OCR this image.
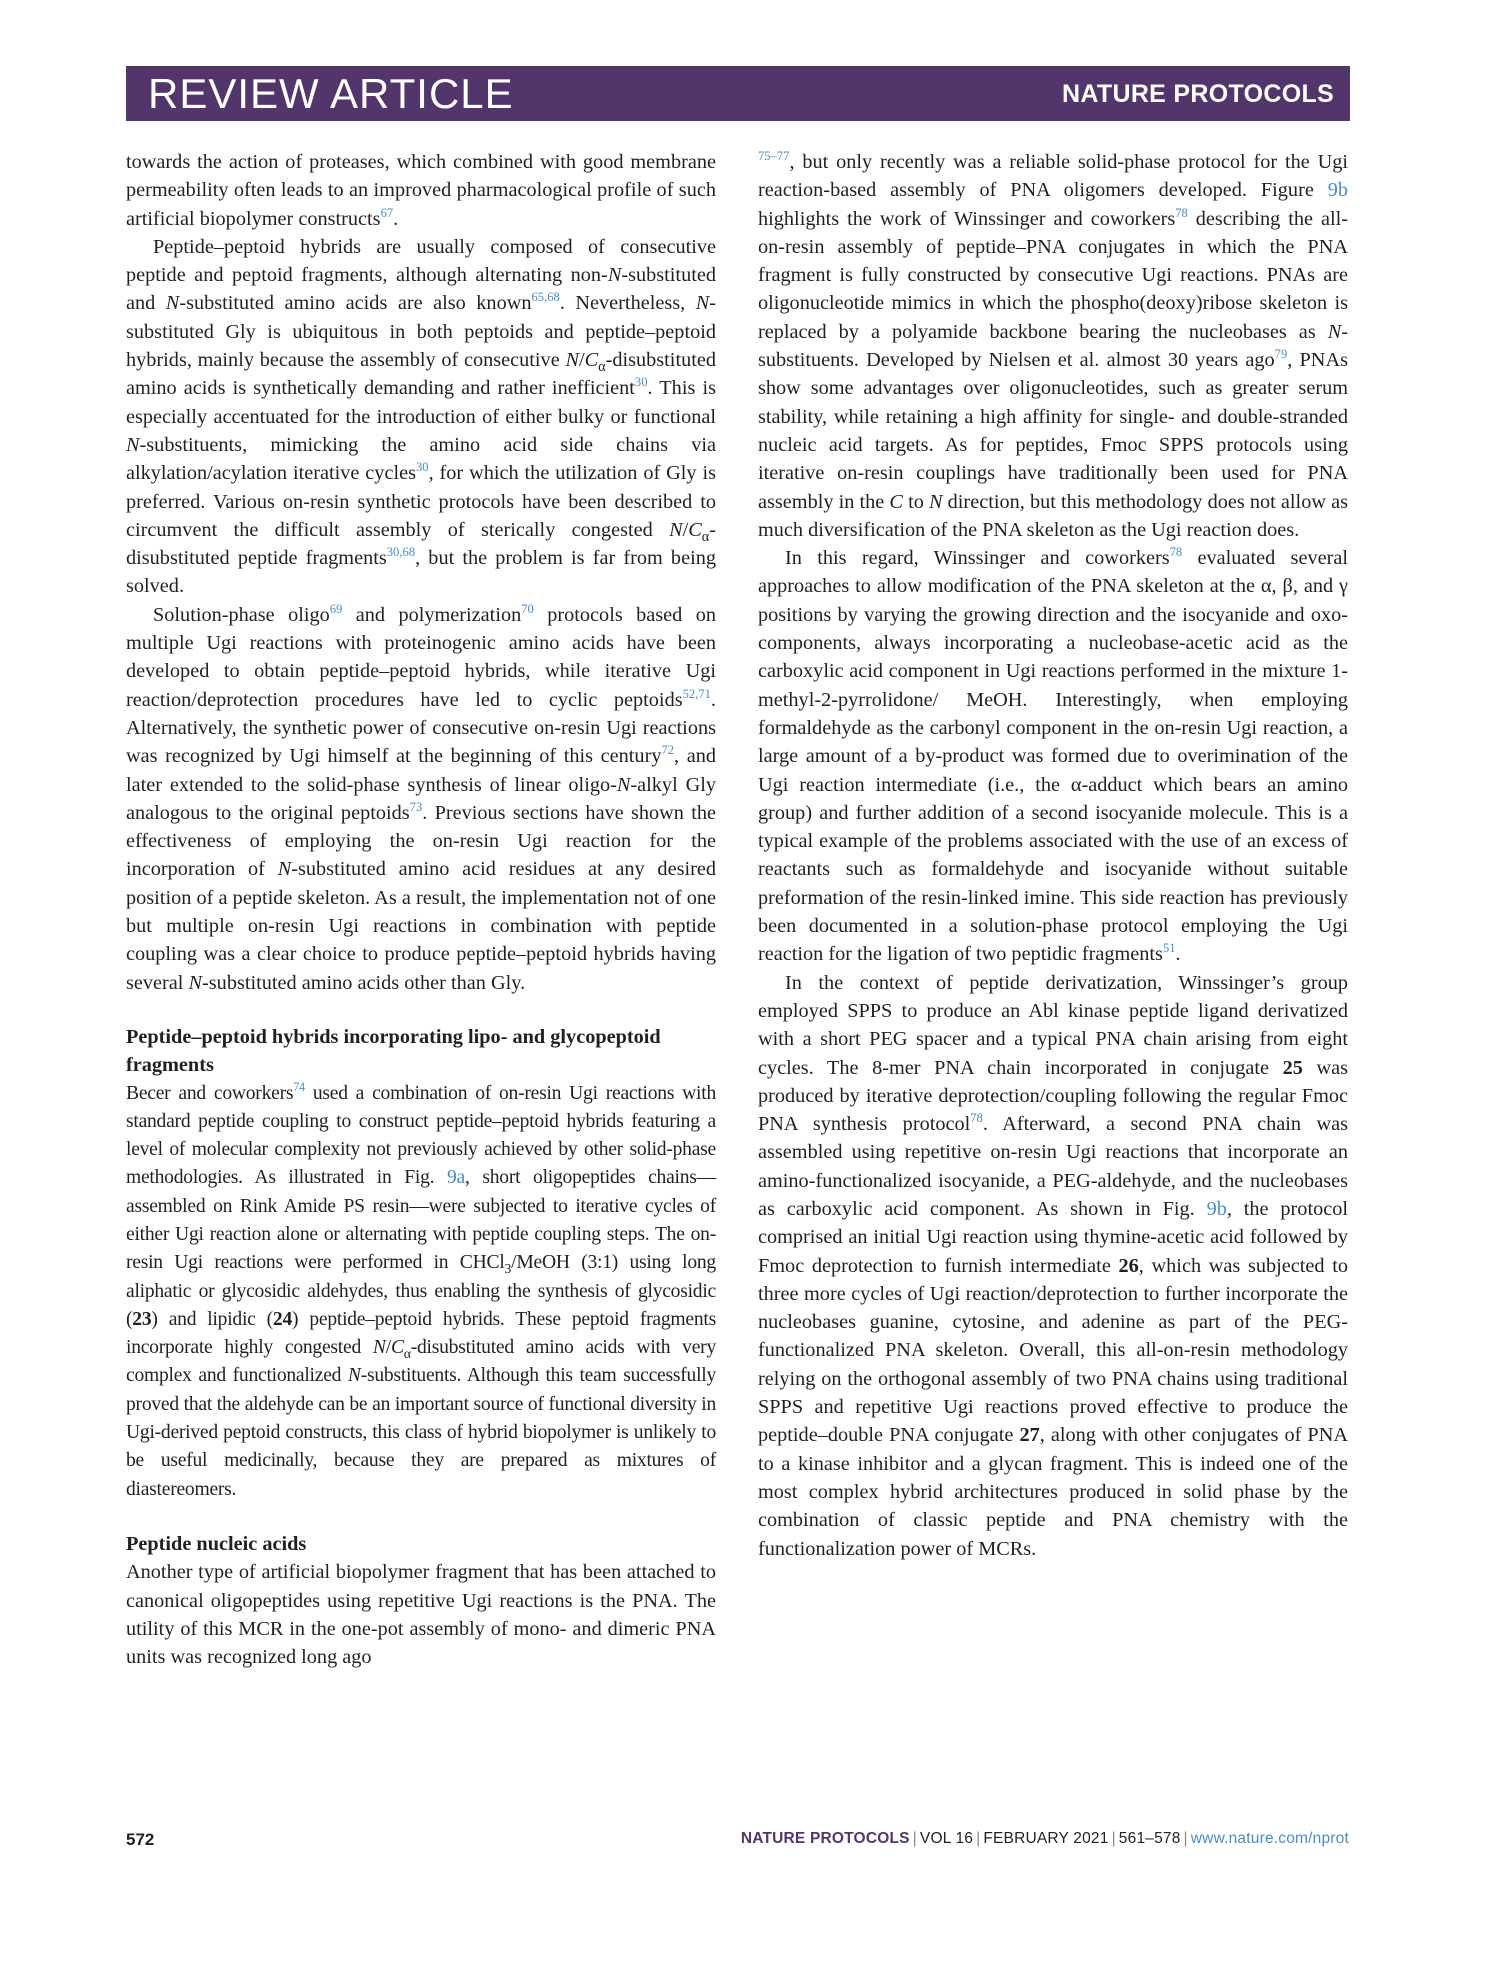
REVIEW ARTICLE	NATURE PROTOCOLS

towards the action of proteases, which combined with good membrane permeability often leads to an improved pharmacological profile of such artificial biopolymer constructs$^{67}$.

Peptide–peptoid hybrids are usually composed of consecutive peptide and peptoid fragments, although alternating non-N-substituted and N-substituted amino acids are also known$^{65,68}$. Nevertheless, N-substituted Gly is ubiquitous in both peptoids and peptide–peptoid hybrids, mainly because the assembly of consecutive $N/C_\alpha$-disubstituted amino acids is synthetically demanding and rather inefficient$^{30}$. This is especially accentuated for the introduction of either bulky or functional N-substituents, mimicking the amino acid side chains via alkylation/acylation iterative cycles$^{30}$, for which the utilization of Gly is preferred. Various on-resin synthetic protocols have been described to circumvent the difficult assembly of sterically congested $N/C_\alpha$-disubstituted peptide fragments$^{30,68}$, but the problem is far from being solved.

Solution-phase oligo$^{69}$ and polymerization$^{70}$ protocols based on multiple Ugi reactions with proteinogenic amino acids have been developed to obtain peptide–peptoid hybrids, while iterative Ugi reaction/deprotection procedures have led to cyclic peptoids$^{52,71}$. Alternatively, the synthetic power of consecutive on-resin Ugi reactions was recognized by Ugi himself at the beginning of this century$^{72}$, and later extended to the solid-phase synthesis of linear oligo-N-alkyl Gly analogous to the original peptoids$^{73}$. Previous sections have shown the effectiveness of employing the on-resin Ugi reaction for the incorporation of N-substituted amino acid residues at any desired position of a peptide skeleton. As a result, the implementation not of one but multiple on-resin Ugi reactions in combination with peptide coupling was a clear choice to produce peptide–peptoid hybrids having several N-substituted amino acids other than Gly.

Peptide–peptoid hybrids incorporating lipo- and glycopeptoid fragments

Becer and coworkers$^{74}$ used a combination of on-resin Ugi reactions with standard peptide coupling to construct peptide–peptoid hybrids featuring a level of molecular complexity not previously achieved by other solid-phase methodologies. As illustrated in Fig. 9a, short oligopeptides chains—assembled on Rink Amide PS resin—were subjected to iterative cycles of either Ugi reaction alone or alternating with peptide coupling steps. The on-resin Ugi reactions were performed in CHCl$_3$/MeOH (3:1) using long aliphatic or glycosidic aldehydes, thus enabling the synthesis of glycosidic (23) and lipidic (24) peptide–peptoid hybrids. These peptoid fragments incorporate highly congested $N/C_\alpha$-disubstituted amino acids with very complex and functionalized N-substituents. Although this team successfully proved that the aldehyde can be an important source of functional diversity in Ugi-derived peptoid constructs, this class of hybrid biopolymer is unlikely to be useful medicinally, because they are prepared as mixtures of diastereomers.

Peptide nucleic acids

Another type of artificial biopolymer fragment that has been attached to canonical oligopeptides using repetitive Ugi reactions is the PNA. The utility of this MCR in the one-pot assembly of mono- and dimeric PNA units was recognized long ago

$^{75-77}$, but only recently was a reliable solid-phase protocol for the Ugi reaction-based assembly of PNA oligomers developed. Figure 9b highlights the work of Winssinger and coworkers$^{78}$ describing the all-on-resin assembly of peptide–PNA conjugates in which the PNA fragment is fully constructed by consecutive Ugi reactions. PNAs are oligonucleotide mimics in which the phospho(deoxy)ribose skeleton is replaced by a polyamide backbone bearing the nucleobases as N-substituents. Developed by Nielsen et al. almost 30 years ago$^{79}$, PNAs show some advantages over oligonucleotides, such as greater serum stability, while retaining a high affinity for single- and double-stranded nucleic acid targets. As for peptides, Fmoc SPPS protocols using iterative on-resin couplings have traditionally been used for PNA assembly in the C to N direction, but this methodology does not allow as much diversification of the PNA skeleton as the Ugi reaction does.

In this regard, Winssinger and coworkers$^{78}$ evaluated several approaches to allow modification of the PNA skeleton at the α, β, and γ positions by varying the growing direction and the isocyanide and oxo-components, always incorporating a nucleobase-acetic acid as the carboxylic acid component in Ugi reactions performed in the mixture 1-methyl-2-pyrrolidone/ MeOH. Interestingly, when employing formaldehyde as the carbonyl component in the on-resin Ugi reaction, a large amount of a by-product was formed due to overimination of the Ugi reaction intermediate (i.e., the α-adduct which bears an amino group) and further addition of a second isocyanide molecule. This is a typical example of the problems associated with the use of an excess of reactants such as formaldehyde and isocyanide without suitable preformation of the resin-linked imine. This side reaction has previously been documented in a solution-phase protocol employing the Ugi reaction for the ligation of two peptidic fragments$^{51}$.

In the context of peptide derivatization, Winssinger’s group employed SPPS to produce an Abl kinase peptide ligand derivatized with a short PEG spacer and a typical PNA chain arising from eight cycles. The 8-mer PNA chain incorporated in conjugate 25 was produced by iterative deprotection/coupling following the regular Fmoc PNA synthesis protocol$^{78}$. Afterward, a second PNA chain was assembled using repetitive on-resin Ugi reactions that incorporate an amino-functionalized isocyanide, a PEG-aldehyde, and the nucleobases as carboxylic acid component. As shown in Fig. 9b, the protocol comprised an initial Ugi reaction using thymine-acetic acid followed by Fmoc deprotection to furnish intermediate 26, which was subjected to three more cycles of Ugi reaction/deprotection to further incorporate the nucleobases guanine, cytosine, and adenine as part of the PEG-functionalized PNA skeleton. Overall, this all-on-resin methodology relying on the orthogonal assembly of two PNA chains using traditional SPPS and repetitive Ugi reactions proved effective to produce the peptide–double PNA conjugate 27, along with other conjugates of PNA to a kinase inhibitor and a glycan fragment. This is indeed one of the most complex hybrid architectures produced in solid phase by the combination of classic peptide and PNA chemistry with the functionalization power of MCRs.

572	NATURE PROTOCOLS | VOL 16 | FEBRUARY 2021 | 561–578 | www.nature.com/nprot
